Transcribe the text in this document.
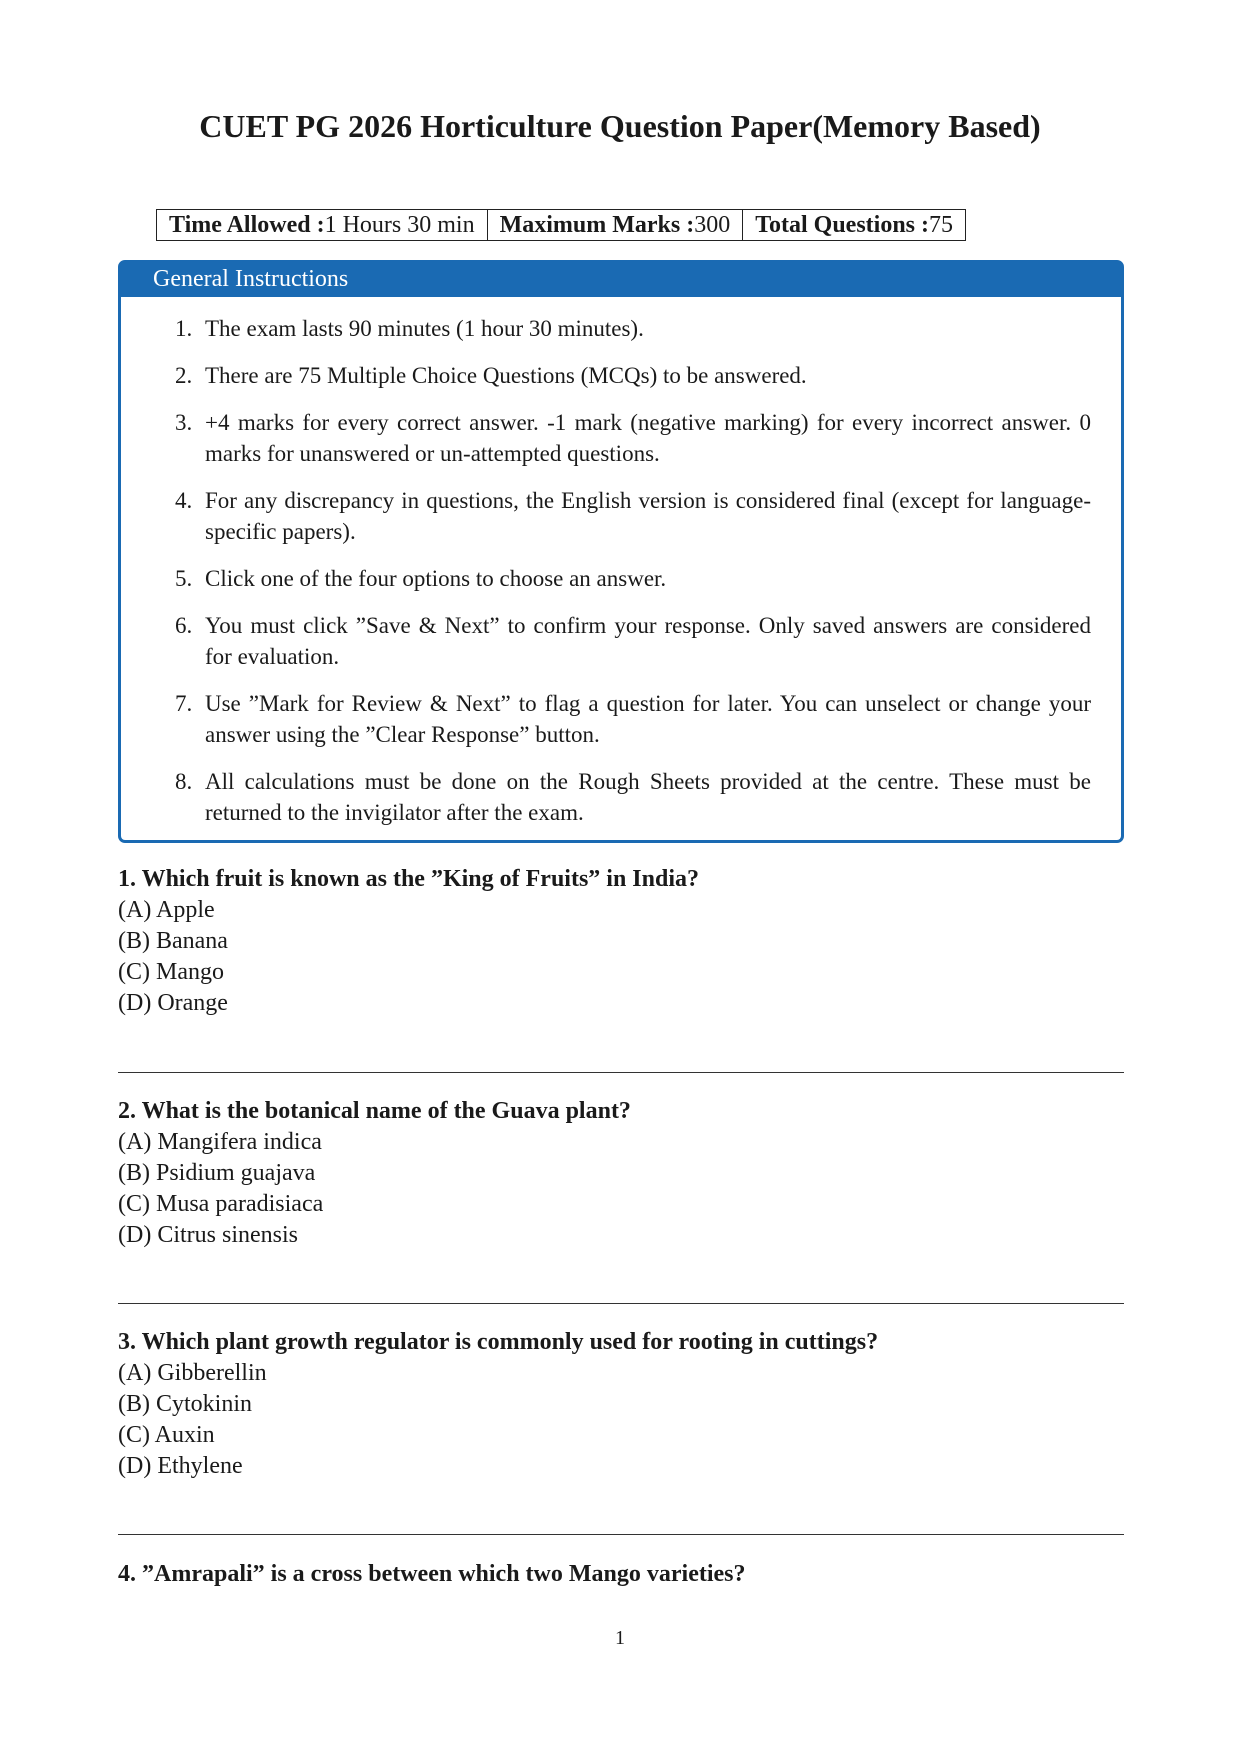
CUET PG 2026 Horticulture Question Paper(Memory Based)
Time Allowed :1 Hours 30 min	Maximum Marks :300	Total Questions :75
General Instructions
1. The exam lasts 90 minutes (1 hour 30 minutes).
2. There are 75 Multiple Choice Questions (MCQs) to be answered.
3. +4 marks for every correct answer. -1 mark (negative marking) for every incorrect answer. 0 marks for unanswered or un-attempted questions.
4. For any discrepancy in questions, the English version is considered final (except for language-specific papers).
5. Click one of the four options to choose an answer.
6. You must click ”Save & Next” to confirm your response. Only saved answers are considered for evaluation.
7. Use ”Mark for Review & Next” to flag a question for later. You can unselect or change your answer using the ”Clear Response” button.
8. All calculations must be done on the Rough Sheets provided at the centre. These must be returned to the invigilator after the exam.
1. Which fruit is known as the ”King of Fruits” in India?
(A) Apple
(B) Banana
(C) Mango
(D) Orange
2. What is the botanical name of the Guava plant?
(A) Mangifera indica
(B) Psidium guajava
(C) Musa paradisiaca
(D) Citrus sinensis
3. Which plant growth regulator is commonly used for rooting in cuttings?
(A) Gibberellin
(B) Cytokinin
(C) Auxin
(D) Ethylene
4. ”Amrapali” is a cross between which two Mango varieties?
1
